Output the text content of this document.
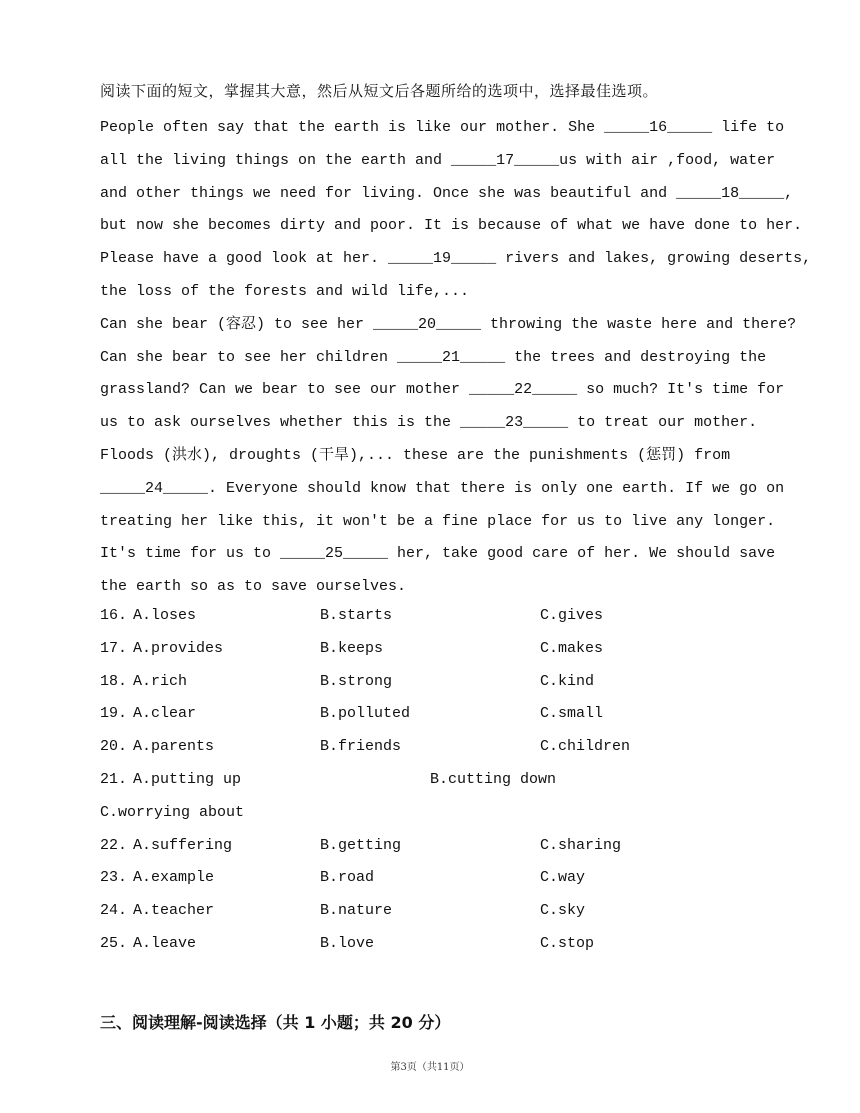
阅读下面的短文，掌握其大意，然后从短文后各题所给的选项中，选择最佳选项。
People often say that the earth is like our mother. She _____16_____ life to
all the living things on the earth and _____17_____us with air ,food, water
and other things we need for living. Once she was beautiful and _____18_____,
but now she becomes dirty and poor. It is because of what we have done to her.
Please have a good look at her. _____19_____ rivers and lakes, growing deserts,
the loss of the forests and wild life,...
Can she bear (容忍) to see her _____20_____ throwing the waste here and there?
Can she bear to see her children _____21_____ the trees and destroying the
grassland? Can we bear to see our mother _____22_____ so much? It's time for
us to ask ourselves whether this is the _____23_____ to treat our mother.
Floods (洪水), droughts (干旱),... these are the punishments (惩罚) from
_____24_____. Everyone should know that there is only one earth. If we go on
treating her like this, it won't be a fine place for us to live any longer.
It's time for us to _____25_____ her, take good care of her. We should save
the earth so as to save ourselves.

16.

A.loses

	B.starts

	C.gives

17.

A.provides

	B.keeps

	C.makes

18.

A.rich

	B.strong

	C.kind

19.

A.clear

	B.polluted

	C.small

20.

A.parents

	B.friends

	C.children

21.

A.putting up

	B.cutting down

C.worrying about

22.

A.suffering

	B.getting

	C.sharing

23.

A.example

	B.road

	C.way

24.

A.teacher

	B.nature

	C.sky

25.

A.leave

	B.love

	C.stop

三、阅读理解-阅读选择（共 1 小题；共 20 分）
第3页（共11页）
